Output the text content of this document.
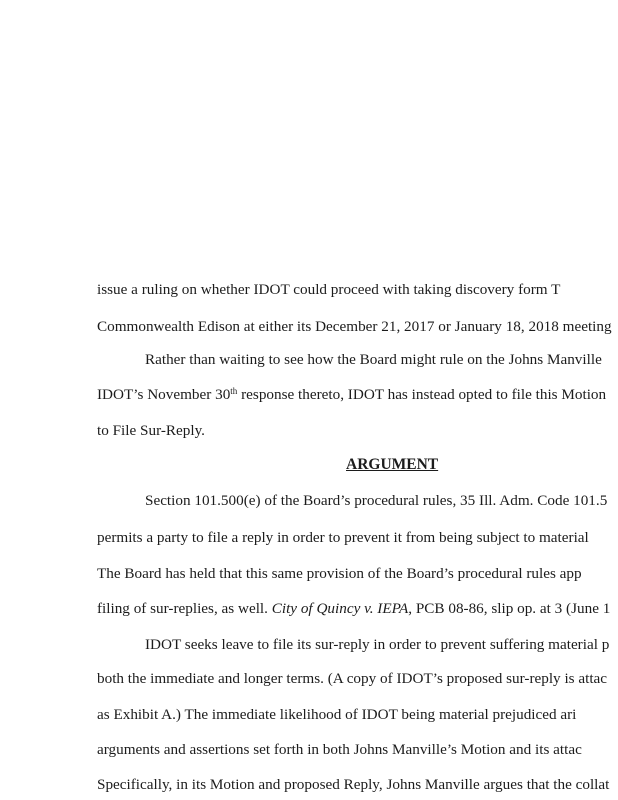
issue a ruling on whether IDOT could proceed with taking discovery form T
Commonwealth Edison at either its December 21, 2017 or January 18, 2018 meeting
Rather than waiting to see how the Board might rule on the Johns Manville
IDOT’s November 30th response thereto, IDOT has instead opted to file this Motion
to File Sur-Reply.
ARGUMENT
Section 101.500(e) of the Board’s procedural rules, 35 Ill. Adm. Code 101.5
permits a party to file a reply in order to prevent it from being subject to material
The Board has held that this same provision of the Board’s procedural rules app
filing of sur-replies, as well. City of Quincy v. IEPA, PCB 08-86, slip op. at 3 (June 1
IDOT seeks leave to file its sur-reply in order to prevent suffering material p
both the immediate and longer terms. (A copy of IDOT’s proposed sur-reply is attac
as Exhibit A.) The immediate likelihood of IDOT being material prejudiced ari
arguments and assertions set forth in both Johns Manville’s Motion and its attac
Specifically, in its Motion and proposed Reply, Johns Manville argues that the collat
